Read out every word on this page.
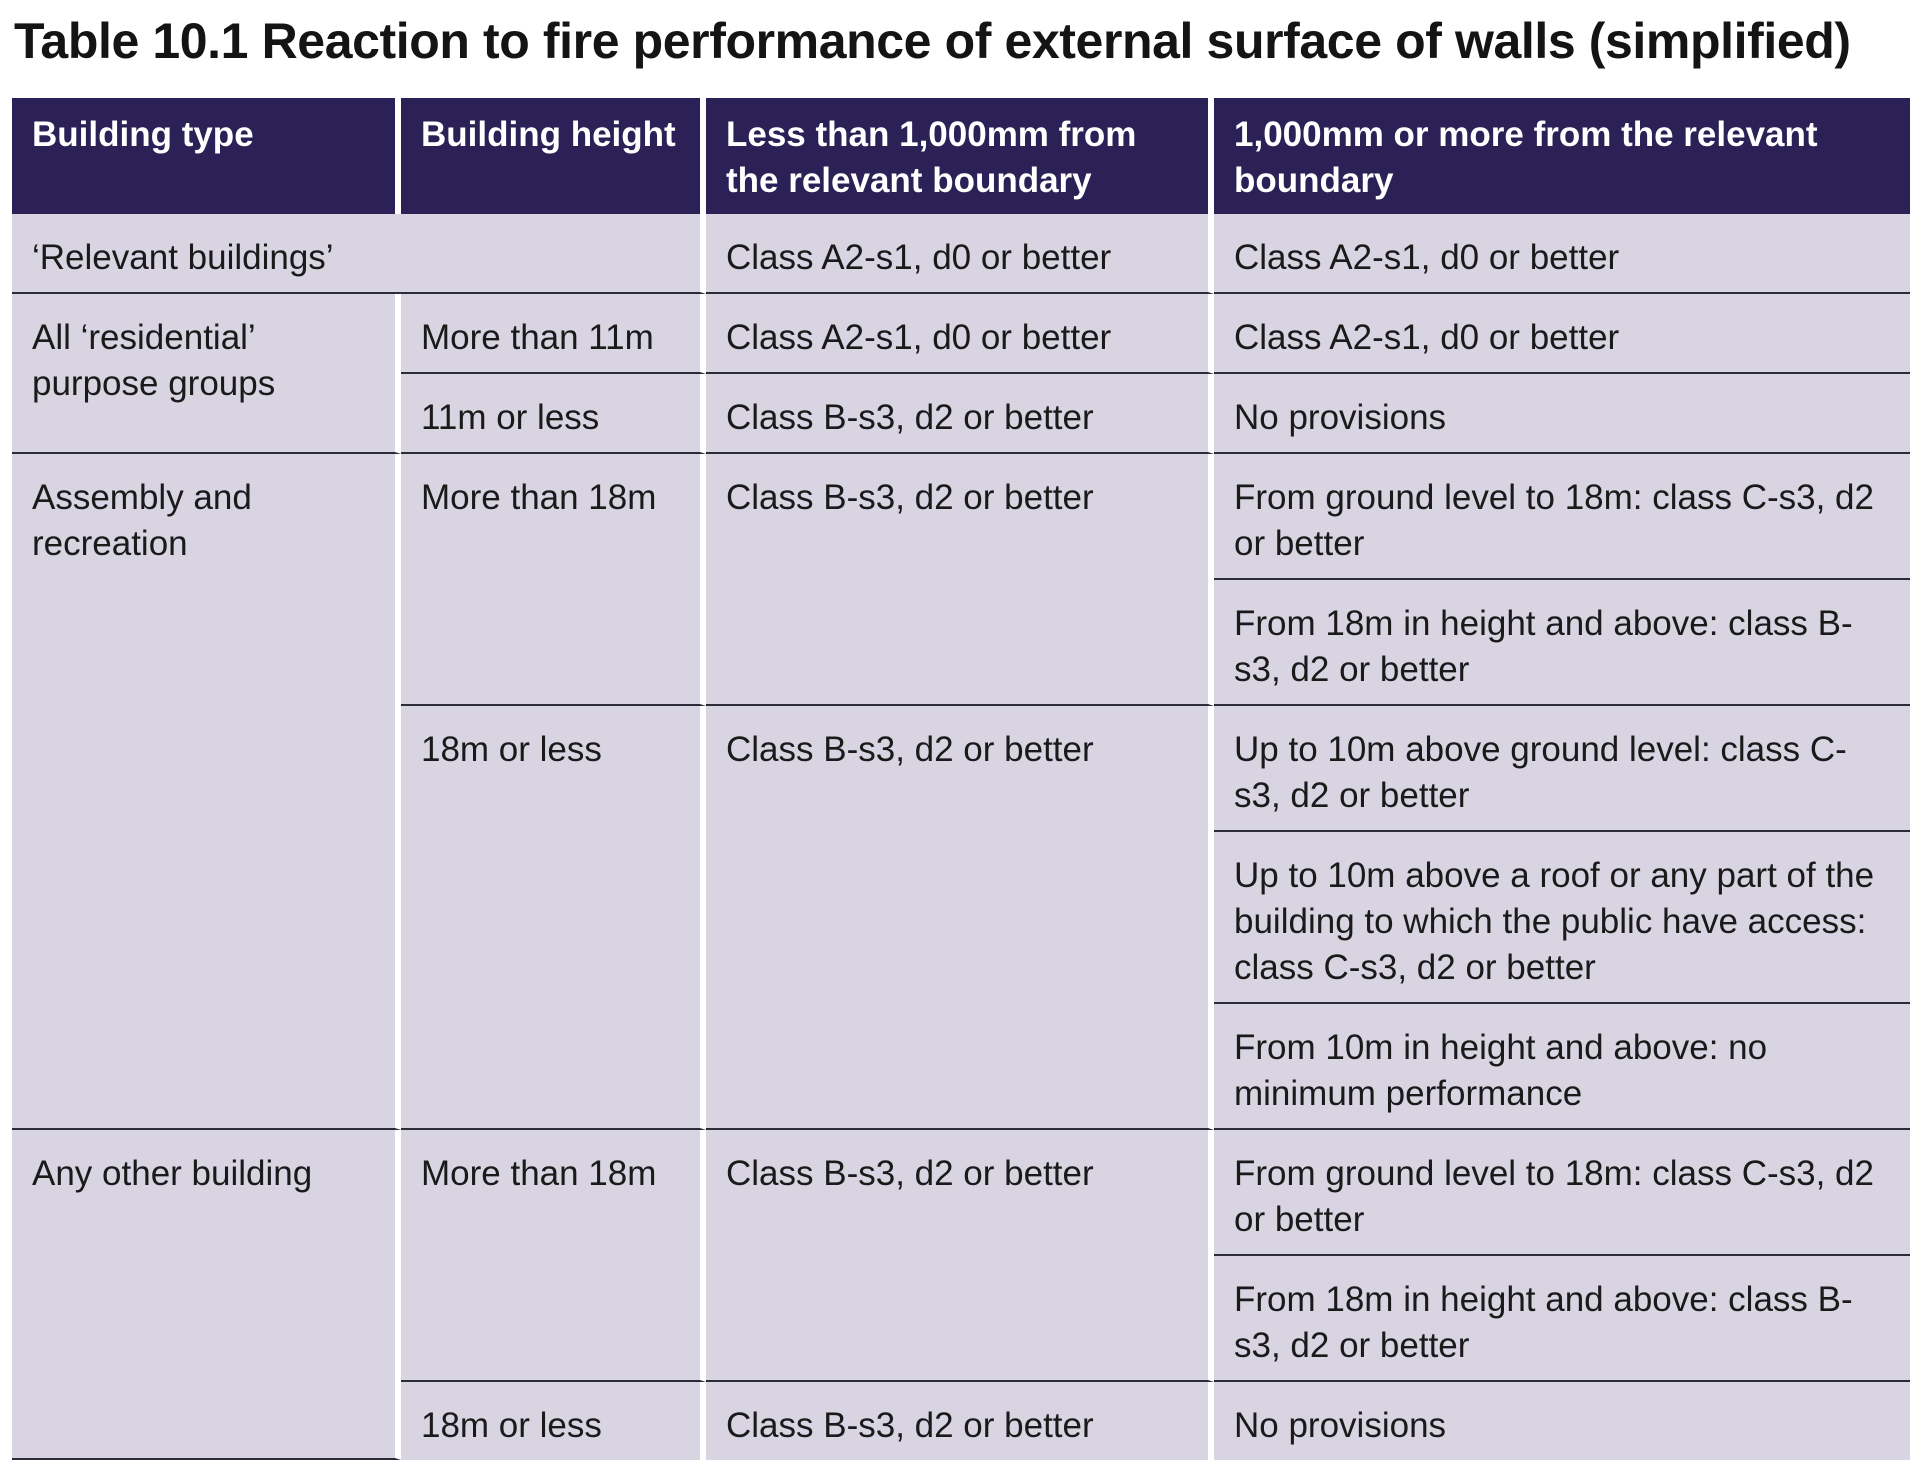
Table 10.1 Reaction to fire performance of external surface of walls (simplified)
Building type	Building height	Less than 1,000mm from the relevant boundary	1,000mm or more from the relevant boundary
‘Relevant buildings’		Class A2-s1, d0 or better	Class A2-s1, d0 or better
All ‘residential’ purpose groups	More than 11m	Class A2-s1, d0 or better	Class A2-s1, d0 or better
	11m or less	Class B-s3, d2 or better	No provisions
Assembly and recreation	More than 18m	Class B-s3, d2 or better	From ground level to 18m: class C-s3, d2 or better
			From 18m in height and above: class B-s3, d2 or better
	18m or less	Class B-s3, d2 or better	Up to 10m above ground level: class C-s3, d2 or better
			Up to 10m above a roof or any part of the building to which the public have access: class C-s3, d2 or better
			From 10m in height and above: no minimum performance
Any other building	More than 18m	Class B-s3, d2 or better	From ground level to 18m: class C-s3, d2 or better
			From 18m in height and above: class B-s3, d2 or better
	18m or less	Class B-s3, d2 or better	No provisions
